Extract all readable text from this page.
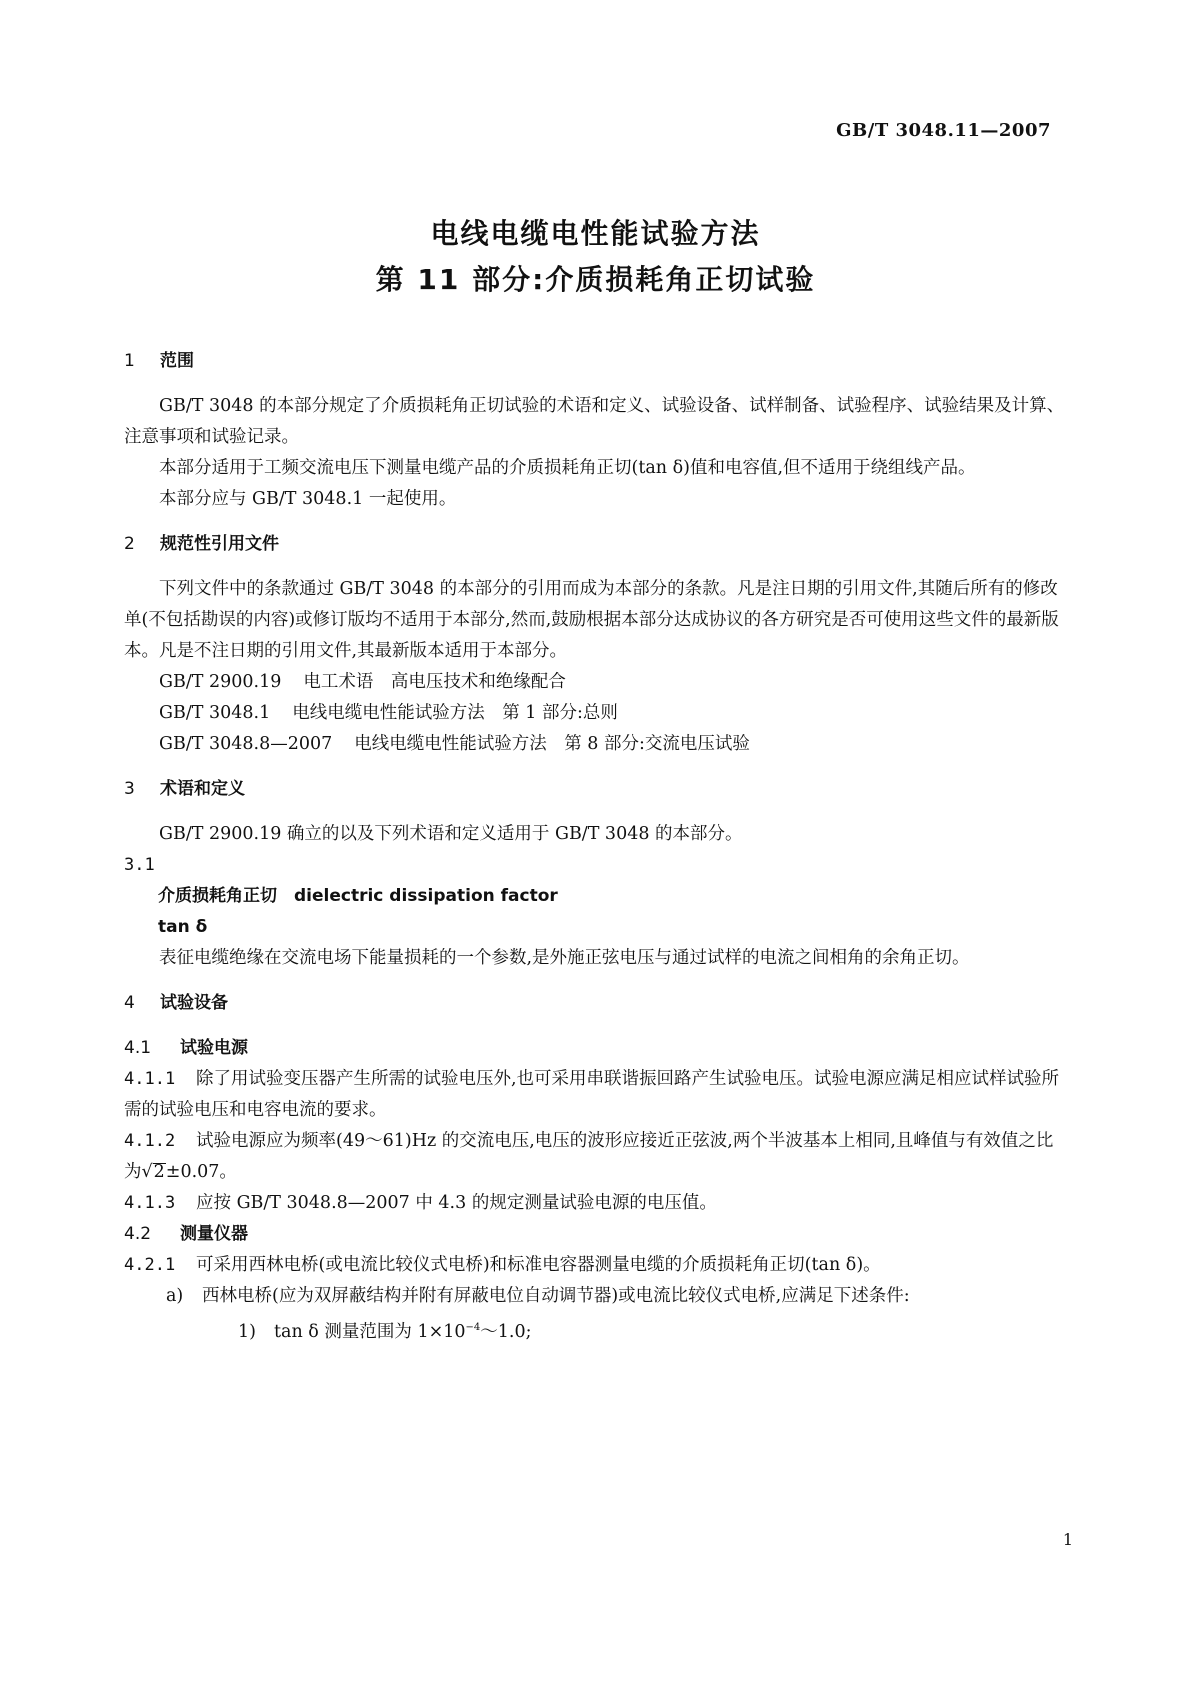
GB/T 3048.11—2007
电线电缆电性能试验方法
第 11 部分:介质损耗角正切试验
1 范围

GB/T 3048 的本部分规定了介质损耗角正切试验的术语和定义、试验设备、试样制备、试验程序、试验结果及计算、注意事项和试验记录。

本部分适用于工频交流电压下测量电缆产品的介质损耗角正切(tan δ)值和电容值,但不适用于绕组线产品。

本部分应与 GB/T 3048.1 一起使用。

2 规范性引用文件

下列文件中的条款通过 GB/T 3048 的本部分的引用而成为本部分的条款。凡是注日期的引用文件,其随后所有的修改单(不包括勘误的内容)或修订版均不适用于本部分,然而,鼓励根据本部分达成协议的各方研究是否可使用这些文件的最新版本。凡是不注日期的引用文件,其最新版本适用于本部分。

GB/T 2900.19 电工术语　高电压技术和绝缘配合

GB/T 3048.1 电线电缆电性能试验方法　第 1 部分:总则

GB/T 3048.8—2007 电线电缆电性能试验方法　第 8 部分:交流电压试验

3 术语和定义

GB/T 2900.19 确立的以及下列术语和定义适用于 GB/T 3048 的本部分。

3.1

介质损耗角正切　dielectric dissipation factor

tan δ

表征电缆绝缘在交流电场下能量损耗的一个参数,是外施正弦电压与通过试样的电流之间相角的余角正切。

4 试验设备
4.1 试验电源

4.1.1 除了用试验变压器产生所需的试验电压外,也可采用串联谐振回路产生试验电压。试验电源应满足相应试样试验所需的试验电压和电容电流的要求。

4.1.2 试验电源应为频率(49～61)Hz 的交流电压,电压的波形应接近正弦波,两个半波基本上相同,且峰值与有效值之比为√2±0.07。

4.1.3 应按 GB/T 3048.8—2007 中 4.3 的规定测量试验电源的电压值。

4.2 测量仪器

4.2.1 可采用西林电桥(或电流比较仪式电桥)和标准电容器测量电缆的介质损耗角正切(tan δ)。

a) 西林电桥(应为双屏蔽结构并附有屏蔽电位自动调节器)或电流比较仪式电桥,应满足下述条件:

1) tan δ 测量范围为 $1\times 10^{-4}\sim 1.0$;

1
